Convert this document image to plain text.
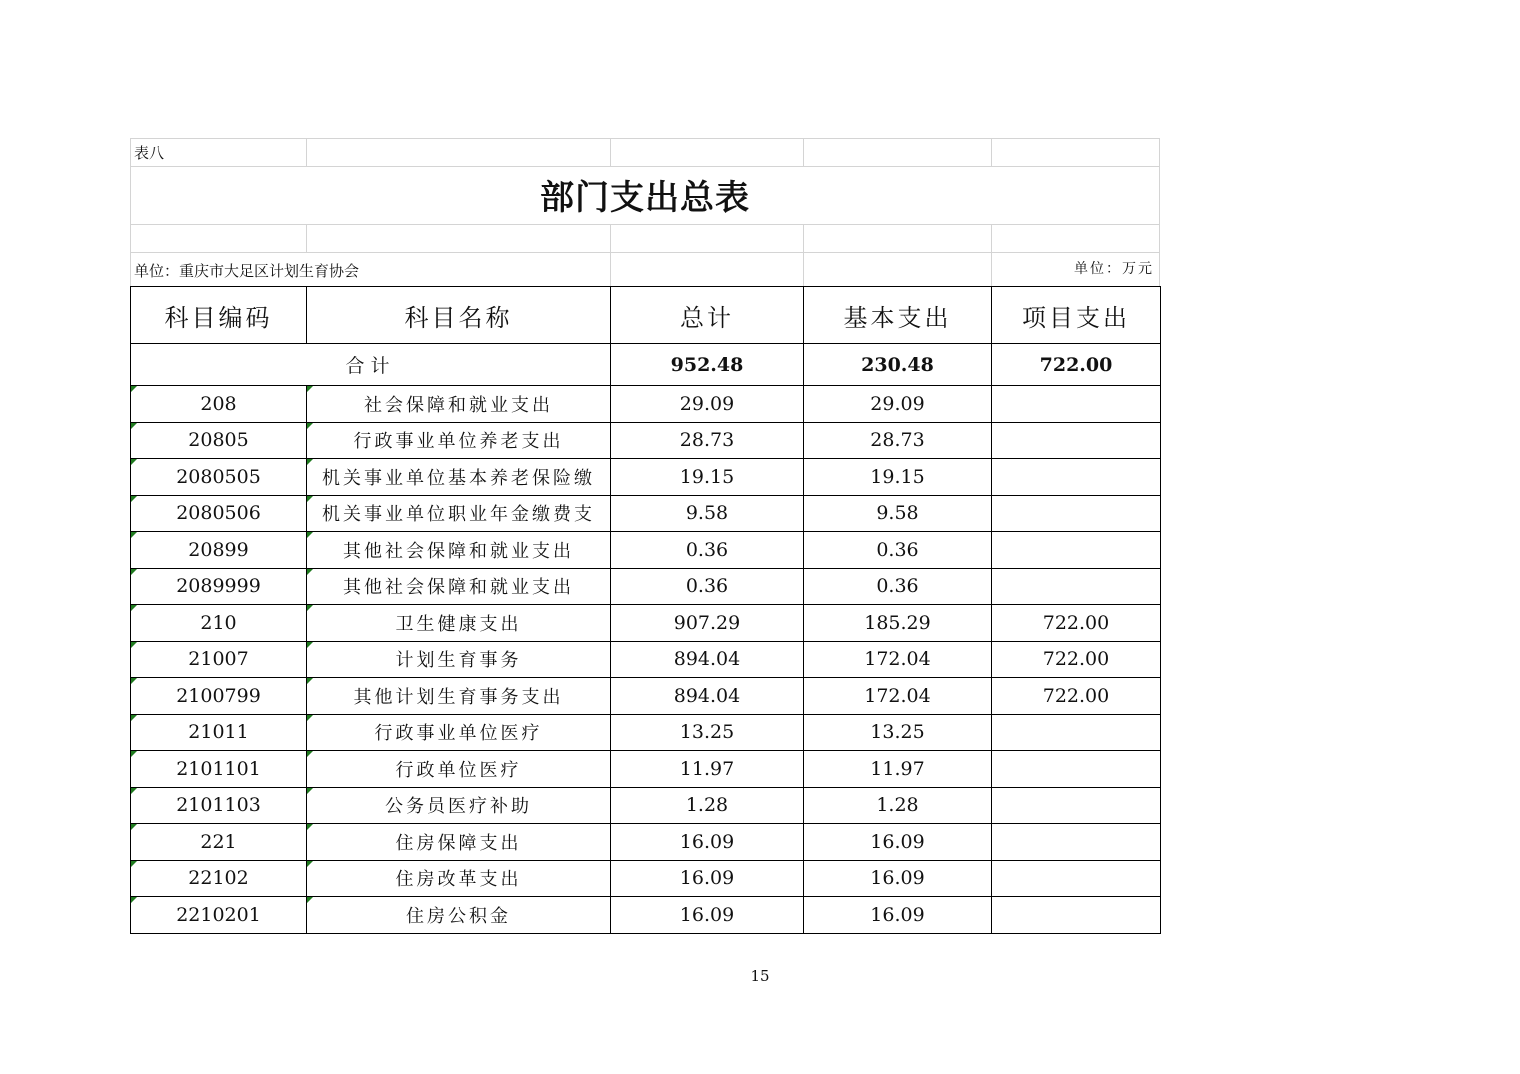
表八
部门支出总表
单位：重庆市大足区计划生育协会	单位：万元
科目编码	科目名称	总计	基本支出	项目支出
合计		952.48	230.48	722.00
208	社会保障和就业支出	29.09	29.09	
20805	行政事业单位养老支出	28.73	28.73	
2080505	机关事业单位基本养老保险缴	19.15	19.15	
2080506	机关事业单位职业年金缴费支	9.58	9.58	
20899	其他社会保障和就业支出	0.36	0.36	
2089999	其他社会保障和就业支出	0.36	0.36	
210	卫生健康支出	907.29	185.29	722.00
21007	计划生育事务	894.04	172.04	722.00
2100799	其他计划生育事务支出	894.04	172.04	722.00
21011	行政事业单位医疗	13.25	13.25	
2101101	行政单位医疗	11.97	11.97	
2101103	公务员医疗补助	1.28	1.28	
221	住房保障支出	16.09	16.09	
22102	住房改革支出	16.09	16.09	
2210201	住房公积金	16.09	16.09	
15
